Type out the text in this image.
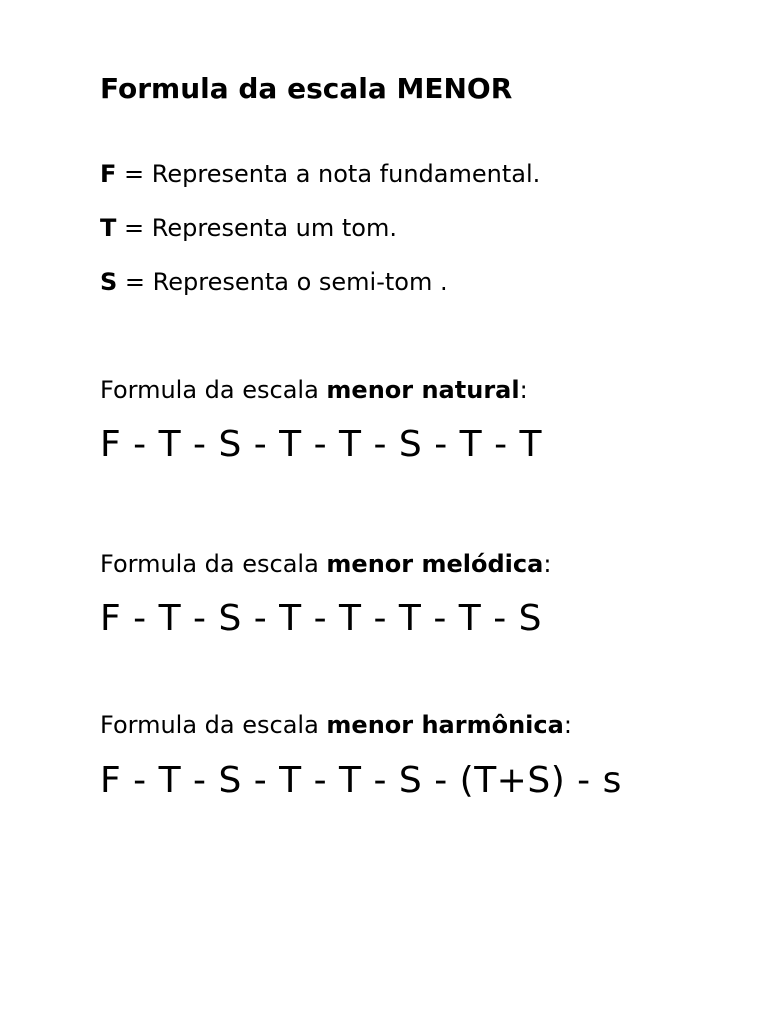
Formula da escala MENOR
F = Representa a nota fundamental.
T = Representa um tom.
S = Representa o semi-tom .
Formula da escala menor natural:
F - T - S - T - T - S - T - T
Formula da escala menor melódica:
F - T - S - T - T - T - T - S
Formula da escala menor harmônica:
F - T - S - T - T - S - (T+S) - s
